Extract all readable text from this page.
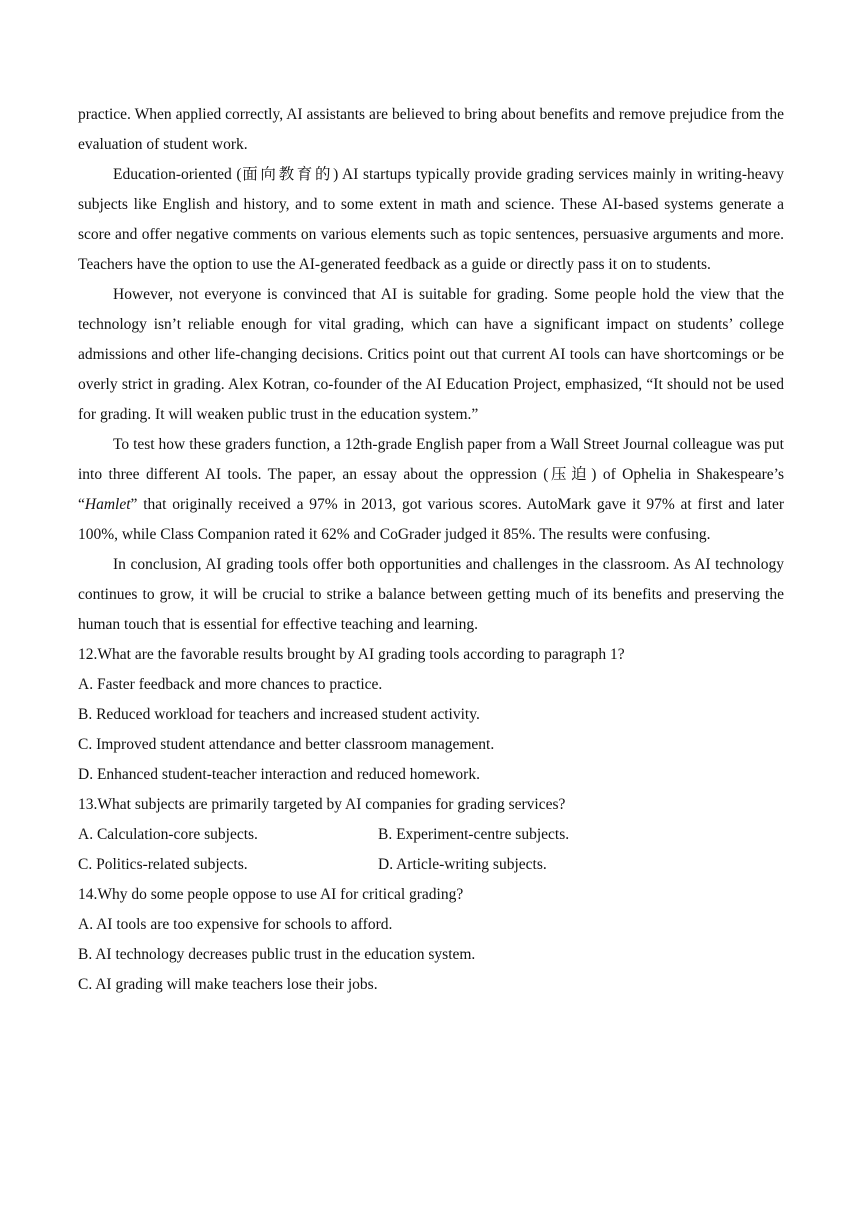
practice. When applied correctly, AI assistants are believed to bring about benefits and remove prejudice from the evaluation of student work.

Education-oriented (面向教育的) AI startups typically provide grading services mainly in writing-heavy subjects like English and history, and to some extent in math and science. These AI-based systems generate a score and offer negative comments on various elements such as topic sentences, persuasive arguments and more. Teachers have the option to use the AI-generated feedback as a guide or directly pass it on to students.

However, not everyone is convinced that AI is suitable for grading. Some people hold the view that the technology isn’t reliable enough for vital grading, which can have a significant impact on students’ college admissions and other life-changing decisions. Critics point out that current AI tools can have shortcomings or be overly strict in grading. Alex Kotran, co-founder of the AI Education Project, emphasized, “It should not be used for grading. It will weaken public trust in the education system.”

To test how these graders function, a 12th-grade English paper from a Wall Street Journal colleague was put into three different AI tools. The paper, an essay about the oppression (压迫) of Ophelia in Shakespeare’s “Hamlet” that originally received a 97% in 2013, got various scores. AutoMark gave it 97% at first and later 100%, while Class Companion rated it 62% and CoGrader judged it 85%. The results were confusing.

In conclusion, AI grading tools offer both opportunities and challenges in the classroom. As AI technology continues to grow, it will be crucial to strike a balance between getting much of its benefits and preserving the human touch that is essential for effective teaching and learning.

12.What are the favorable results brought by AI grading tools according to paragraph 1?

A. Faster feedback and more chances to practice.

B. Reduced workload for teachers and increased student activity.

C. Improved student attendance and better classroom management.

D. Enhanced student-teacher interaction and reduced homework.

13.What subjects are primarily targeted by AI companies for grading services?

A. Calculation-core subjects.	B. Experiment-centre subjects.
C. Politics-related subjects.	D. Article-writing subjects.

14.Why do some people oppose to use AI for critical grading?

A. AI tools are too expensive for schools to afford.

B. AI technology decreases public trust in the education system.

C. AI grading will make teachers lose their jobs.
